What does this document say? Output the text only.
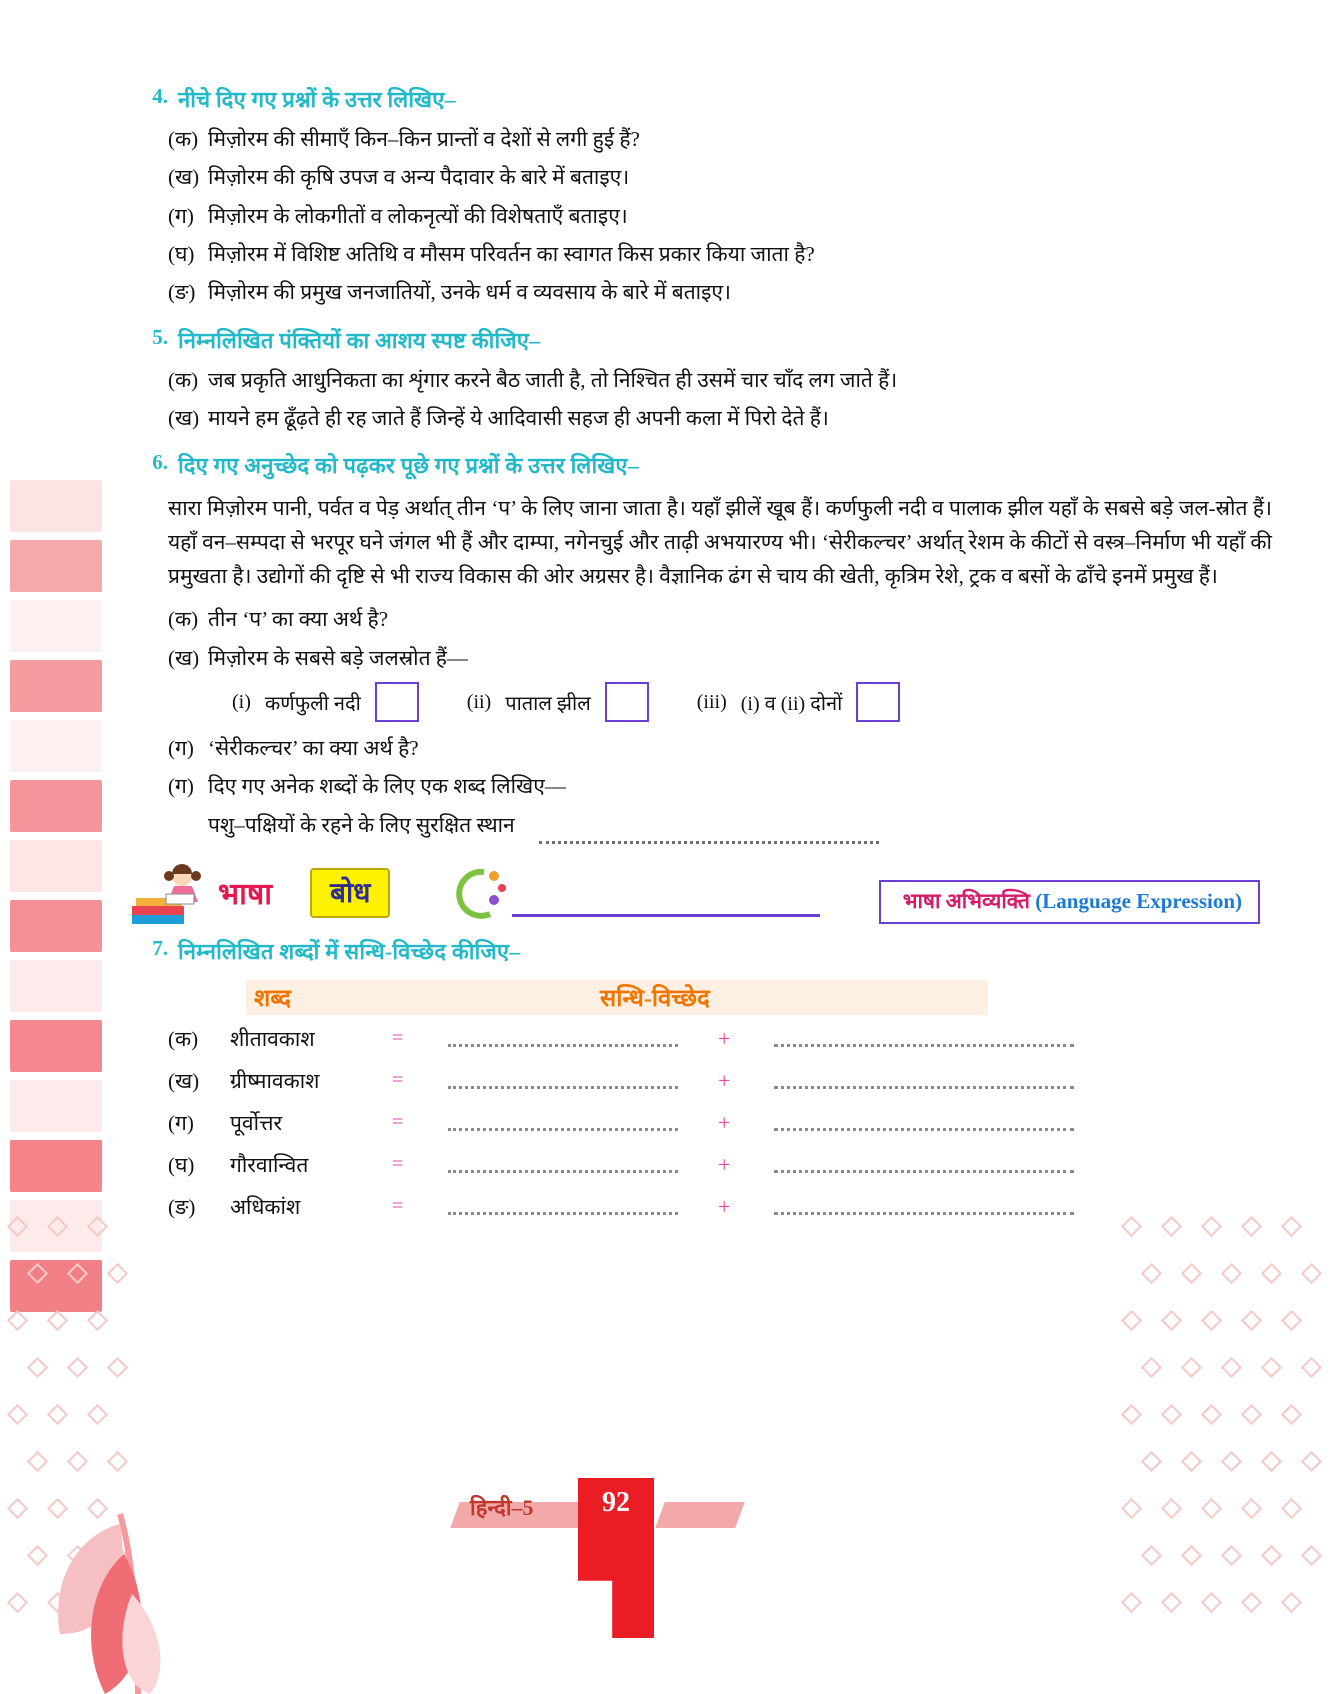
4. नीचे दिए गए प्रश्नों के उत्तर लिखिए–
(क) मिज़ोरम की सीमाएँ किन–किन प्रान्तों व देशों से लगी हुई हैं?
(ख) मिज़ोरम की कृषि उपज व अन्य पैदावार के बारे में बताइए।
(ग) मिज़ोरम के लोकगीतों व लोकनृत्यों की विशेषताएँ बताइए।
(घ) मिज़ोरम में विशिष्ट अतिथि व मौसम परिवर्तन का स्वागत किस प्रकार किया जाता है?
(ङ) मिज़ोरम की प्रमुख जनजातियों, उनके धर्म व व्यवसाय के बारे में बताइए।
5. निम्नलिखित पंक्तियों का आशय स्पष्ट कीजिए–
(क) जब प्रकृति आधुनिकता का शृंगार करने बैठ जाती है, तो निश्चित ही उसमें चार चाँद लग जाते हैं।
(ख) मायने हम ढूँढ़ते ही रह जाते हैं जिन्हें ये आदिवासी सहज ही अपनी कला में पिरो देते हैं।
6. दिए गए अनुच्छेद को पढ़कर पूछे गए प्रश्नों के उत्तर लिखिए–
सारा मिज़ोरम पानी, पर्वत व पेड़ अर्थात् तीन ‘प’ के लिए जाना जाता है। यहाँ झीलें खूब हैं। कर्णफुली नदी व पालाक झील यहाँ के सबसे बड़े जल-स्रोत हैं। यहाँ वन–सम्पदा से भरपूर घने जंगल भी हैं और दाम्पा, नगेनचुई और ताढ़ी अभयारण्य भी। ‘सेरीकल्चर’ अर्थात् रेशम के कीटों से वस्त्र–निर्माण भी यहाँ की प्रमुखता है। उद्योगों की दृष्टि से भी राज्य विकास की ओर अग्रसर है। वैज्ञानिक ढंग से चाय की खेती, कृत्रिम रेशे, ट्रक व बसों के ढाँचे इनमें प्रमुख हैं।
(क) तीन ‘प’ का क्या अर्थ है?
(ख) मिज़ोरम के सबसे बड़े जलस्रोत हैं—
(i) कर्णफुली नदी	(ii) पाताल झील	(iii) (i) व (ii) दोनों
(ग) ‘सेरीकल्चर’ का क्या अर्थ है?
(ग) दिए गए अनेक शब्दों के लिए एक शब्द लिखिए—
पशु–पक्षियों के रहने के लिए सुरक्षित स्थान
भाषा	बोध	भाषा अभिव्यक्ति (Language Expression)
7. निम्नलिखित शब्दों में सन्धि-विच्छेद कीजिए–
शब्द	सन्धि-विच्छेद
(क)	शीतावकाश	=	+
(ख)	ग्रीष्मावकाश	=	+
(ग)	पूर्वोत्तर	=	+
(घ)	गौरवान्वित	=	+
(ङ)	अधिकांश	=	+
हिन्दी–5	92
